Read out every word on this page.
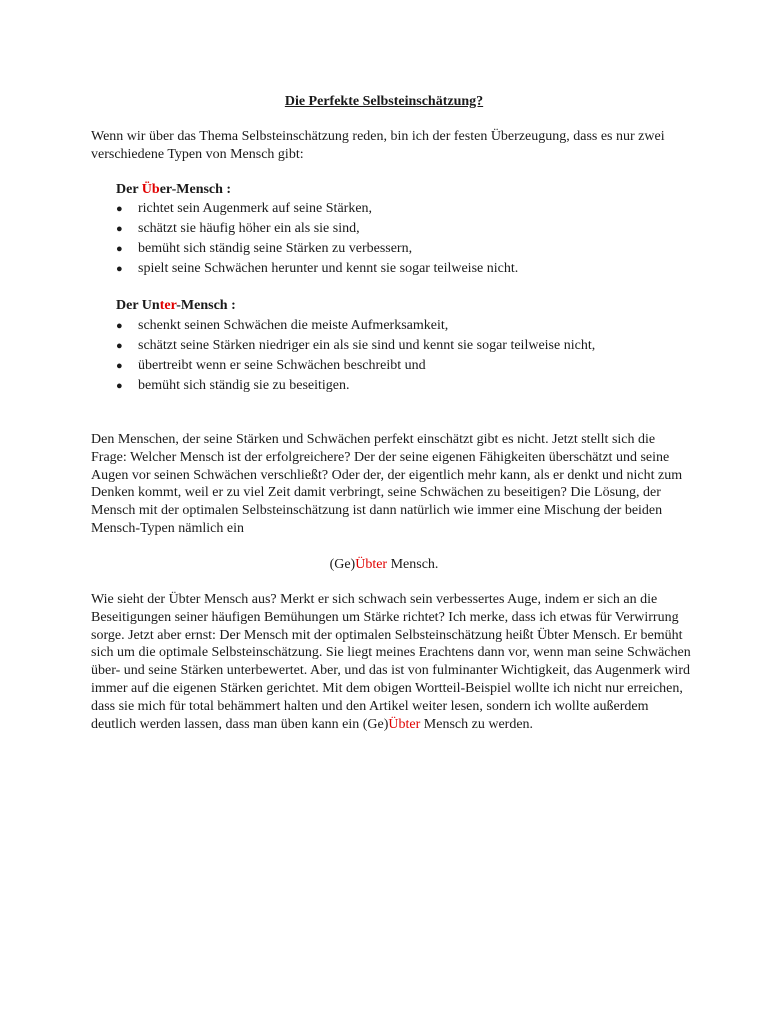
Die Perfekte Selbsteinschätzung?

Wenn wir über das Thema Selbsteinschätzung reden, bin ich der festen Überzeugung, dass es nur zwei verschiedene Typen von Mensch gibt:

Der Über-Mensch :
● richtet sein Augenmerk auf seine Stärken,
● schätzt sie häufig höher ein als sie sind,
● bemüht sich ständig seine Stärken zu verbessern,
● spielt seine Schwächen herunter und kennt sie sogar teilweise nicht.
Der Unter-Mensch :
● schenkt seinen Schwächen die meiste Aufmerksamkeit,
● schätzt seine Stärken niedriger ein als sie sind und kennt sie sogar teilweise nicht,
● übertreibt wenn er seine Schwächen beschreibt und
● bemüht sich ständig sie zu beseitigen.

Den Menschen, der seine Stärken und Schwächen perfekt einschätzt gibt es nicht. Jetzt stellt sich die Frage: Welcher Mensch ist der erfolgreichere? Der der seine eigenen Fähigkeiten überschätzt und seine Augen vor seinen Schwächen verschließt? Oder der, der eigentlich mehr kann, als er denkt und nicht zum Denken kommt, weil er zu viel Zeit damit verbringt, seine Schwächen zu beseitigen? Die Lösung, der Mensch mit der optimalen Selbsteinschätzung ist dann natürlich wie immer eine Mischung der beiden Mensch-Typen nämlich ein

(Ge)Übter Mensch.

Wie sieht der Übter Mensch aus? Merkt er sich schwach sein verbessertes Auge, indem er sich an die Beseitigungen seiner häufigen Bemühungen um Stärke richtet? Ich merke, dass ich etwas für Verwirrung sorge. Jetzt aber ernst: Der Mensch mit der optimalen Selbsteinschätzung heißt Übter Mensch. Er bemüht sich um die optimale Selbsteinschätzung. Sie liegt meines Erachtens dann vor, wenn man seine Schwächen über- und seine Stärken unterbewertet. Aber, und das ist von fulminanter Wichtigkeit, das Augenmerk wird immer auf die eigenen Stärken gerichtet. Mit dem obigen Wortteil-Beispiel wollte ich nicht nur erreichen, dass sie mich für total behämmert halten und den Artikel weiter lesen, sondern ich wollte außerdem deutlich werden lassen, dass man üben kann ein (Ge)Übter Mensch zu werden.
